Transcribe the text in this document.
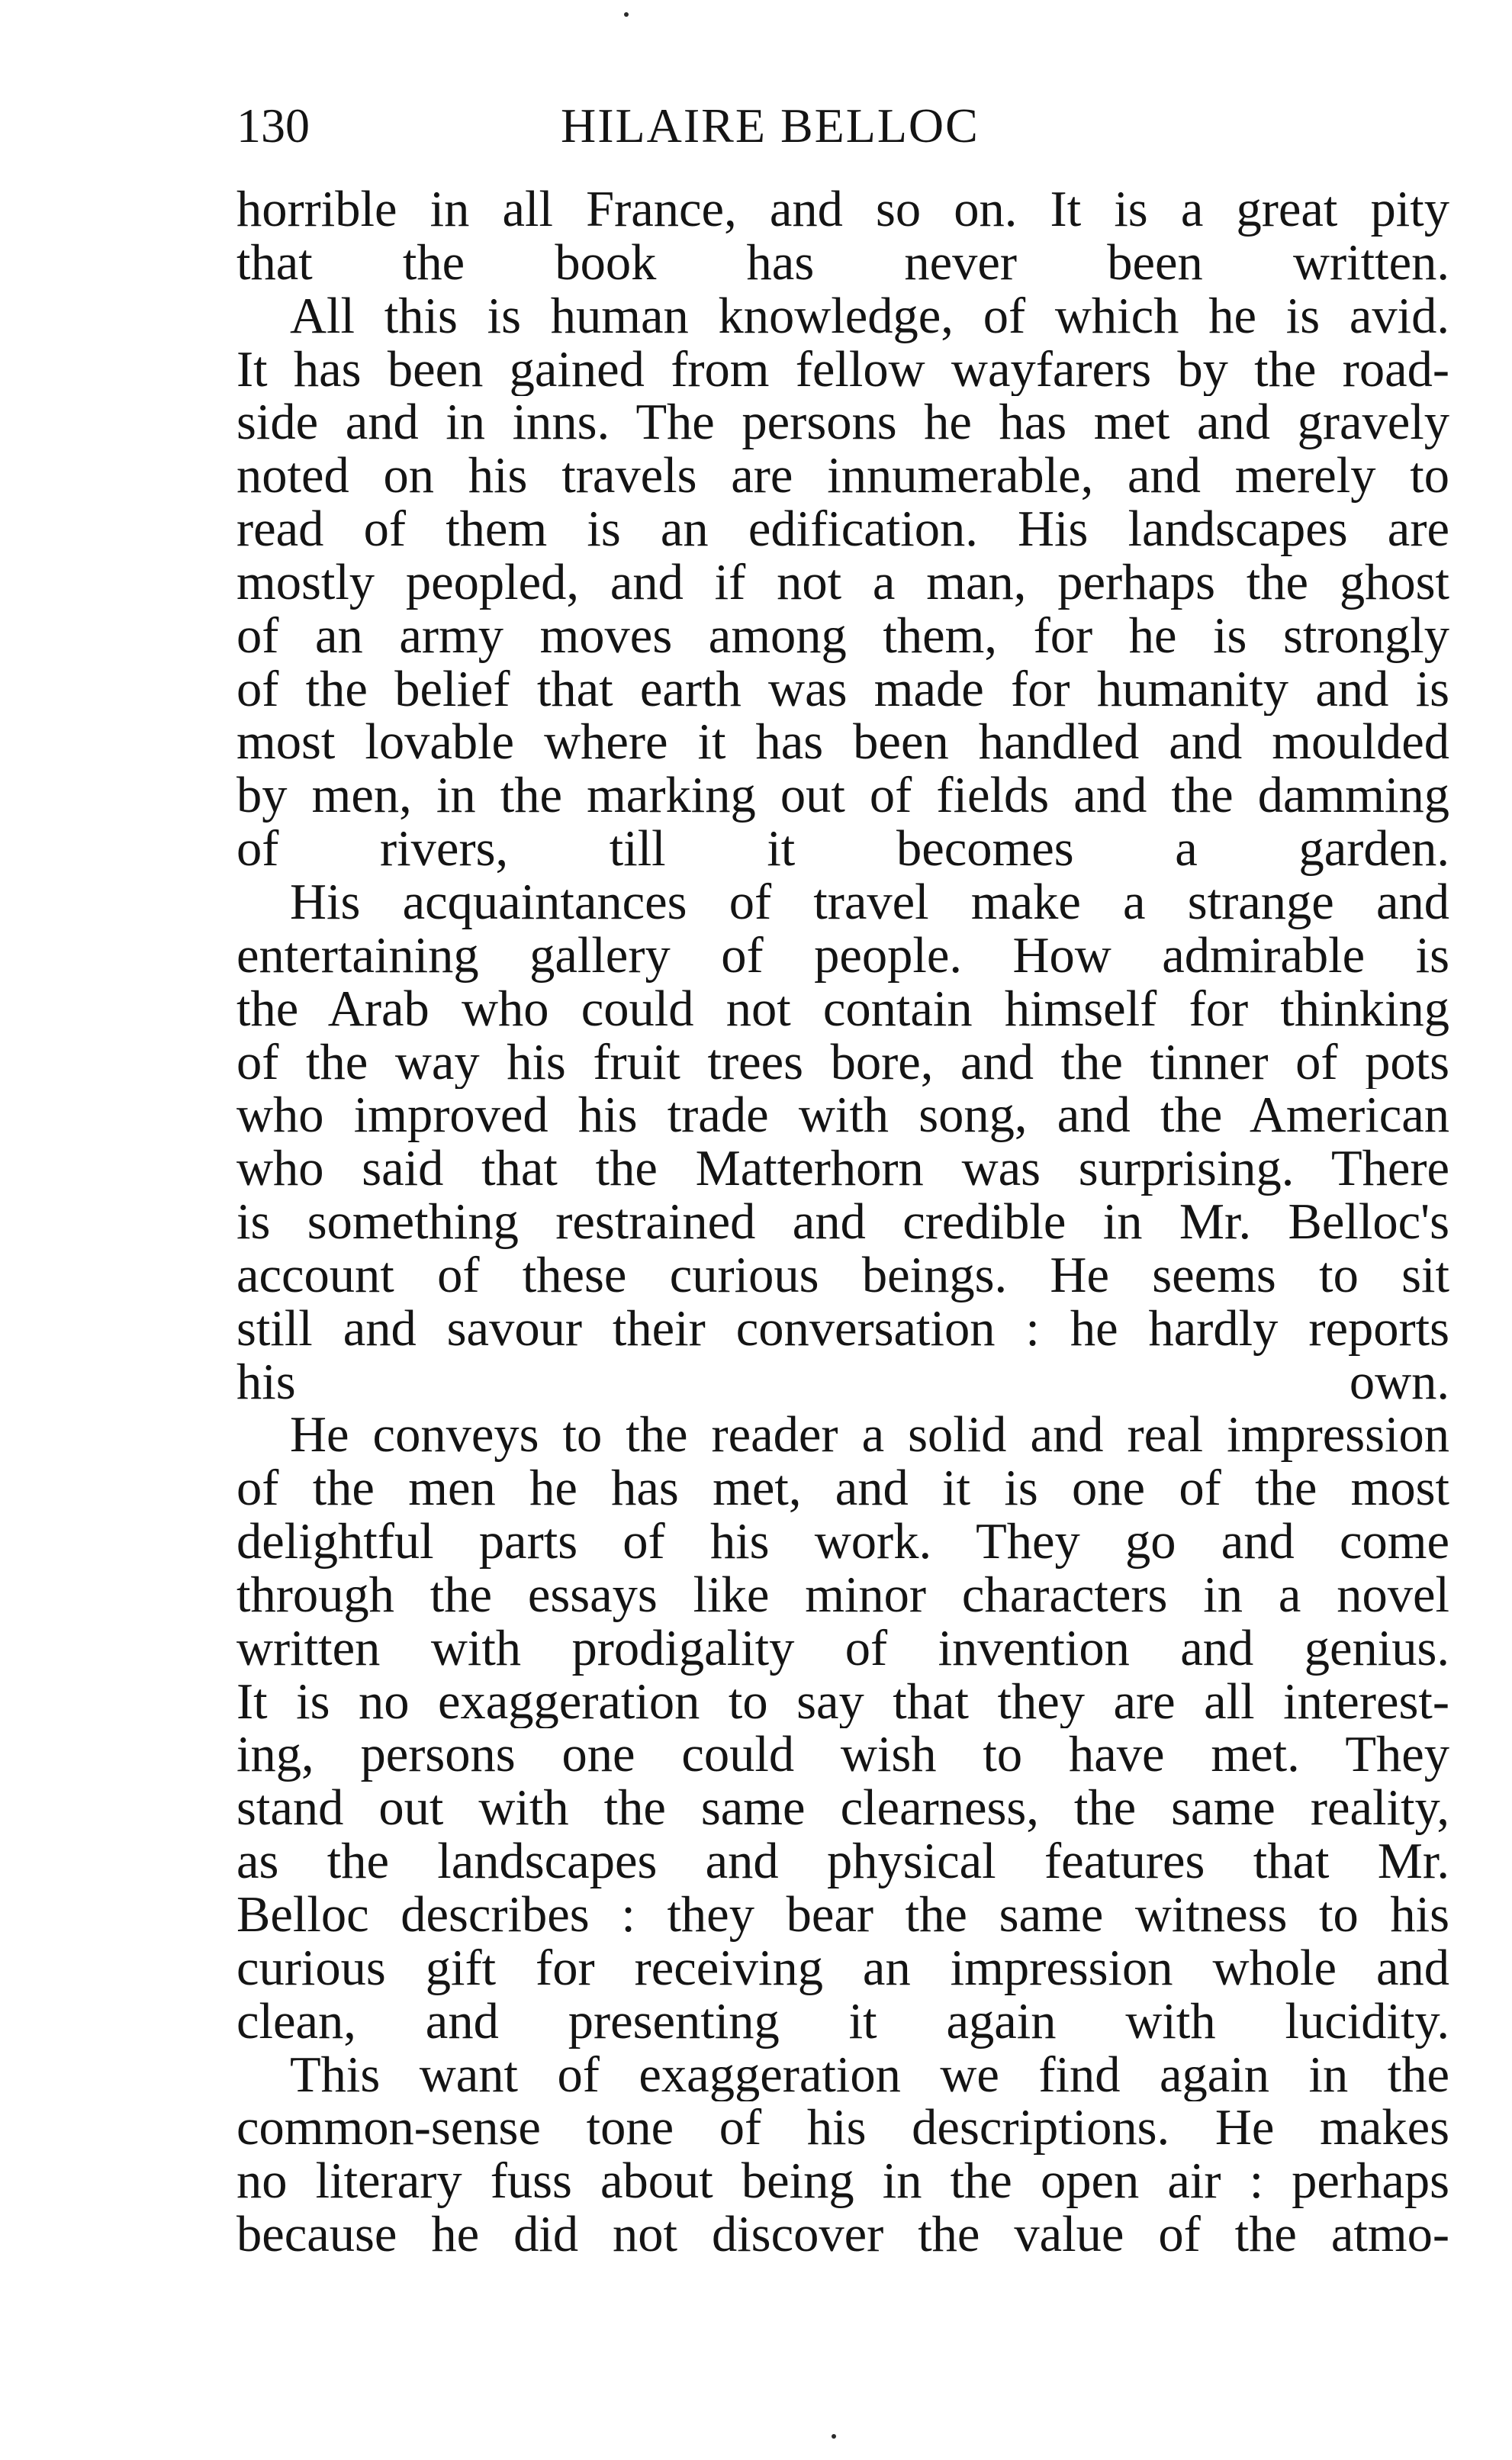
130	HILAIRE BELLOC
horrible in all France, and so on. It is a great pity
that the book has never been written.
All this is human knowledge, of which he is avid.
It has been gained from fellow wayfarers by the road-
side and in inns. The persons he has met and gravely
noted on his travels are innumerable, and merely to
read of them is an edification. His landscapes are
mostly peopled, and if not a man, perhaps the ghost
of an army moves among them, for he is strongly
of the belief that earth was made for humanity and is
most lovable where it has been handled and moulded
by men, in the marking out of fields and the damming
of rivers, till it becomes a garden.
His acquaintances of travel make a strange and
entertaining gallery of people. How admirable is
the Arab who could not contain himself for thinking
of the way his fruit trees bore, and the tinner of pots
who improved his trade with song, and the American
who said that the Matterhorn was surprising. There
is something restrained and credible in Mr. Belloc's
account of these curious beings. He seems to sit
still and savour their conversation : he hardly reports
his own.
He conveys to the reader a solid and real impression
of the men he has met, and it is one of the most
delightful parts of his work. They go and come
through the essays like minor characters in a novel
written with prodigality of invention and genius.
It is no exaggeration to say that they are all interest-
ing, persons one could wish to have met. They
stand out with the same clearness, the same reality,
as the landscapes and physical features that Mr.
Belloc describes : they bear the same witness to his
curious gift for receiving an impression whole and
clean, and presenting it again with lucidity.
This want of exaggeration we find again in the
common-sense tone of his descriptions. He makes
no literary fuss about being in the open air : perhaps
because he did not discover the value of the atmo-
